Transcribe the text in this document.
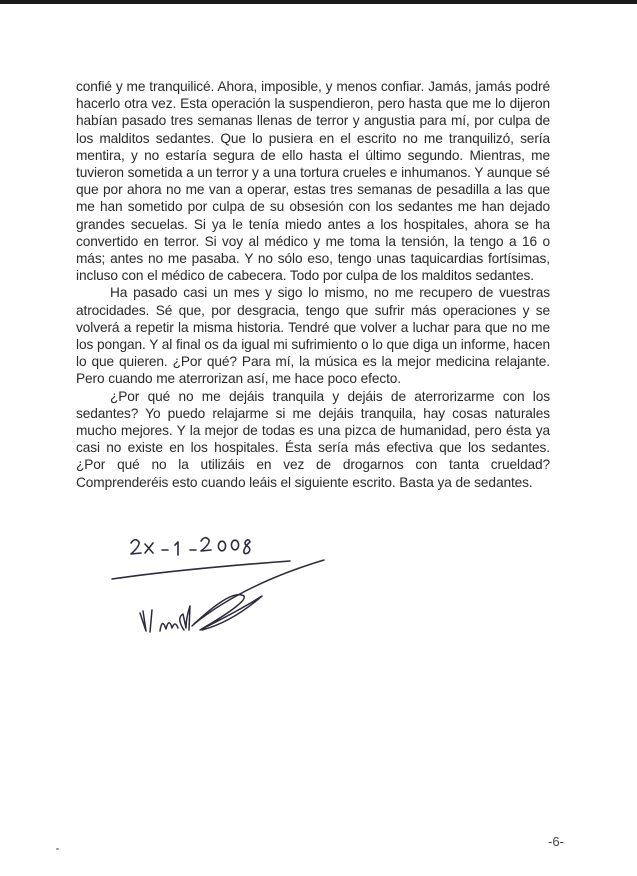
confié y me tranquilicé. Ahora, imposible, y menos confiar. Jamás, jamás podré hacerlo otra vez. Esta operación la suspendieron, pero hasta que me lo dijeron habían pasado tres semanas llenas de terror y angustia para mí, por culpa de los malditos sedantes. Que lo pusiera en el escrito no me tranquilizó, sería mentira, y no estaría segura de ello hasta el último segundo. Mientras, me tuvieron sometida a un terror y a una tortura crueles e inhumanos. Y aunque sé que por ahora no me van a operar, estas tres semanas de pesadilla a las que me han sometido por culpa de su obsesión con los sedantes me han dejado grandes secuelas. Si ya le tenía miedo antes a los hospitales, ahora se ha convertido en terror. Si voy al médico y me toma la tensión, la tengo a 16 o más; antes no me pasaba. Y no sólo eso, tengo unas taquicardias fortísimas, incluso con el médico de cabecera. Todo por culpa de los malditos sedantes.

Ha pasado casi un mes y sigo lo mismo, no me recupero de vuestras atrocidades. Sé que, por desgracia, tengo que sufrir más operaciones y se volverá a repetir la misma historia. Tendré que volver a luchar para que no me los pongan. Y al final os da igual mi sufrimiento o lo que diga un informe, hacen lo que quieren. ¿Por qué? Para mí, la música es la mejor medicina relajante. Pero cuando me aterrorizan así, me hace poco efecto.

¿Por qué no me dejáis tranquila y dejáis de aterrorizarme con los sedantes? Yo puedo relajarme si me dejáis tranquila, hay cosas naturales mucho mejores. Y la mejor de todas es una pizca de humanidad, pero ésta ya casi no existe en los hospitales. Ésta sería más efectiva que los sedantes. ¿Por qué no la utilizáis en vez de drogarnos con tanta crueldad? Comprenderéis esto cuando leáis el siguiente escrito. Basta ya de sedantes.

-6-
